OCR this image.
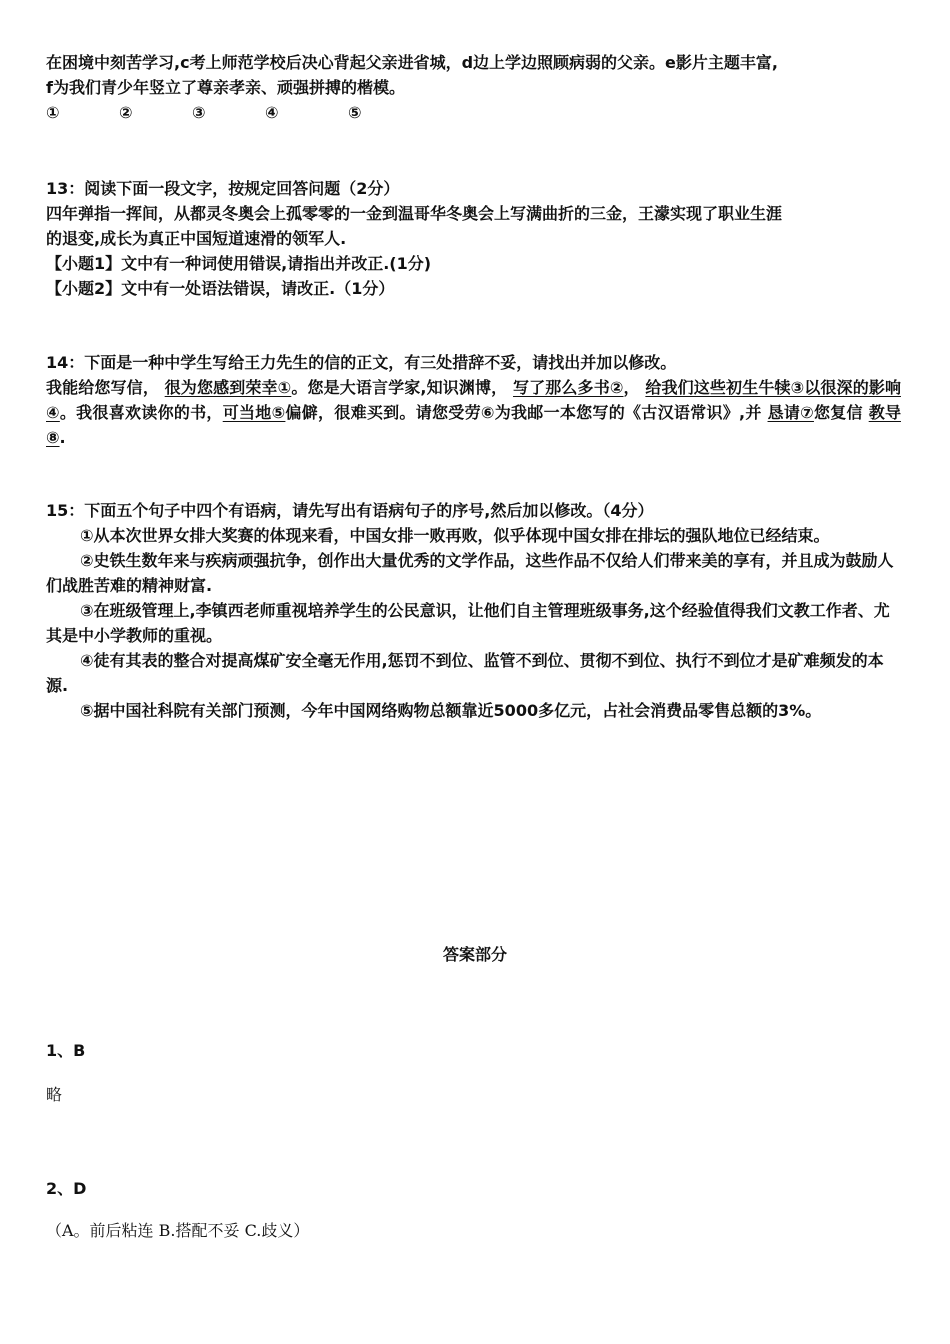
在困境中刻苦学习,c考上师范学校后决心背起父亲进省城，d边上学边照顾病弱的父亲。e影片主题丰富,

f为我们青少年竖立了尊亲孝亲、顽强拼搏的楷模。

①	②	③	④	⑤

13：阅读下面一段文字，按规定回答问题（2分）

四年弹指一挥间，从都灵冬奥会上孤零零的一金到温哥华冬奥会上写满曲折的三金，王濛实现了职业生涯

的退变,成长为真正中国短道速滑的领军人.

【小题1】文中有一种词使用错误,请指出并改正.(1分)

【小题2】文中有一处语法错误，请改正.（1分）

14：下面是一种中学生写给王力先生的信的正文，有三处措辞不妥，请找出并加以修改。

我能给您写信， 很为您感到荣幸①。您是大语言学家,知识渊博， 写了那么多书②， 给我们这些初生牛犊③以很深的影响④。我很喜欢读你的书，可当地⑤偏僻，很难买到。请您受劳⑥为我邮一本您写的《古汉语常识》,并 恳请⑦您复信 教导⑧.

15：下面五个句子中四个有语病，请先写出有语病句子的序号,然后加以修改。（4分）

①从本次世界女排大奖赛的体现来看，中国女排一败再败，似乎体现中国女排在排坛的强队地位已经结束。

②史铁生数年来与疾病顽强抗争，创作出大量优秀的文学作品，这些作品不仅给人们带来美的享有，并且成为鼓励人们战胜苦难的精神财富.

③在班级管理上,李镇西老师重视培养学生的公民意识，让他们自主管理班级事务,这个经验值得我们文教工作者、尤其是中小学教师的重视。

④徒有其表的整合对提高煤矿安全毫无作用,惩罚不到位、监管不到位、贯彻不到位、执行不到位才是矿难频发的本源.

⑤据中国社科院有关部门预测，今年中国网络购物总额靠近5000多亿元，占社会消费品零售总额的3%。

答案部分
1、B
略
2、D
（A。前后粘连 B.搭配不妥 C.歧义）
